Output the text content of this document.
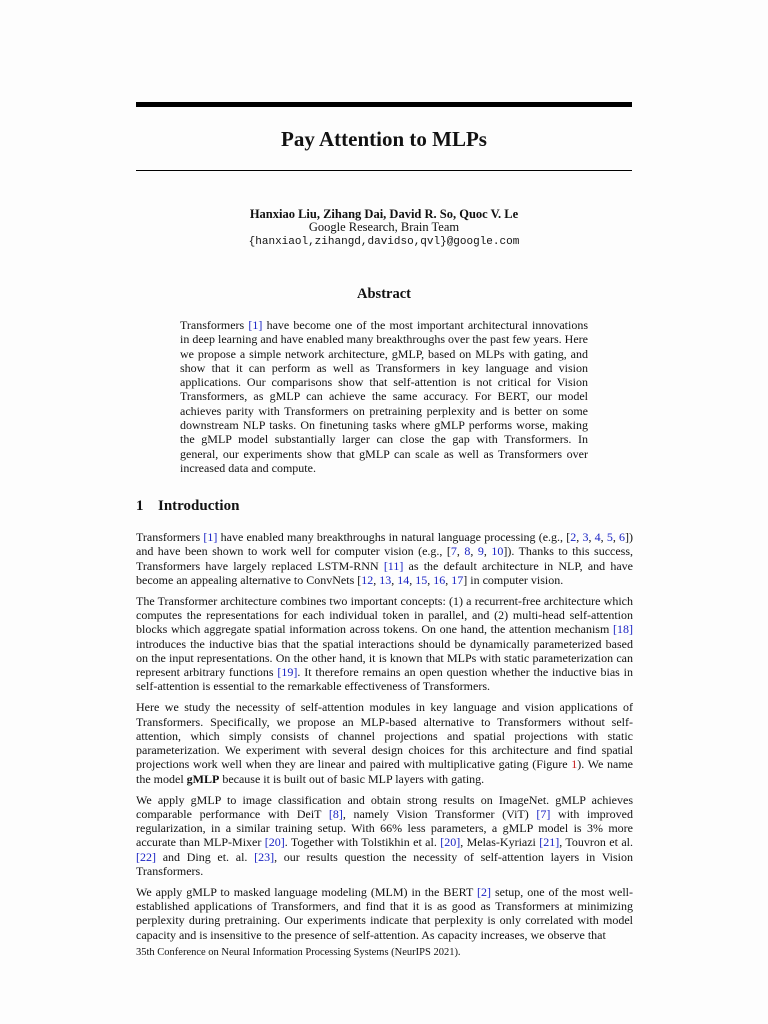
Pay Attention to MLPs
Hanxiao Liu, Zihang Dai, David R. So, Quoc V. Le
Google Research, Brain Team
{hanxiaol,zihangd,davidso,qvl}@google.com
Abstract
Transformers [1] have become one of the most important architectural innovations in deep learning and have enabled many breakthroughs over the past few years. Here we propose a simple network architecture, gMLP, based on MLPs with gating, and show that it can perform as well as Transformers in key language and vision applications. Our comparisons show that self-attention is not critical for Vision Transformers, as gMLP can achieve the same accuracy. For BERT, our model achieves parity with Transformers on pretraining perplexity and is better on some downstream NLP tasks. On finetuning tasks where gMLP performs worse, making the gMLP model substantially larger can close the gap with Transformers. In general, our experiments show that gMLP can scale as well as Transformers over increased data and compute.
1 Introduction

Transformers [1] have enabled many breakthroughs in natural language processing (e.g., [2, 3, 4, 5, 6]) and have been shown to work well for computer vision (e.g., [7, 8, 9, 10]). Thanks to this success, Transformers have largely replaced LSTM-RNN [11] as the default architecture in NLP, and have become an appealing alternative to ConvNets [12, 13, 14, 15, 16, 17] in computer vision.

The Transformer architecture combines two important concepts: (1) a recurrent-free architecture which computes the representations for each individual token in parallel, and (2) multi-head self-attention blocks which aggregate spatial information across tokens. On one hand, the attention mechanism [18] introduces the inductive bias that the spatial interactions should be dynamically parameterized based on the input representations. On the other hand, it is known that MLPs with static parameterization can represent arbitrary functions [19]. It therefore remains an open question whether the inductive bias in self-attention is essential to the remarkable effectiveness of Transformers.

Here we study the necessity of self-attention modules in key language and vision applications of Transformers. Specifically, we propose an MLP-based alternative to Transformers without self-attention, which simply consists of channel projections and spatial projections with static parameterization. We experiment with several design choices for this architecture and find spatial projections work well when they are linear and paired with multiplicative gating (Figure 1). We name the model gMLP because it is built out of basic MLP layers with gating.

We apply gMLP to image classification and obtain strong results on ImageNet. gMLP achieves comparable performance with DeiT [8], namely Vision Transformer (ViT) [7] with improved regularization, in a similar training setup. With 66% less parameters, a gMLP model is 3% more accurate than MLP-Mixer [20]. Together with Tolstikhin et al. [20], Melas-Kyriazi [21], Touvron et al. [22] and Ding et. al. [23], our results question the necessity of self-attention layers in Vision Transformers.

We apply gMLP to masked language modeling (MLM) in the BERT [2] setup, one of the most well-established applications of Transformers, and find that it is as good as Transformers at minimizing perplexity during pretraining. Our experiments indicate that perplexity is only correlated with model capacity and is insensitive to the presence of self-attention. As capacity increases, we observe that

35th Conference on Neural Information Processing Systems (NeurIPS 2021).
